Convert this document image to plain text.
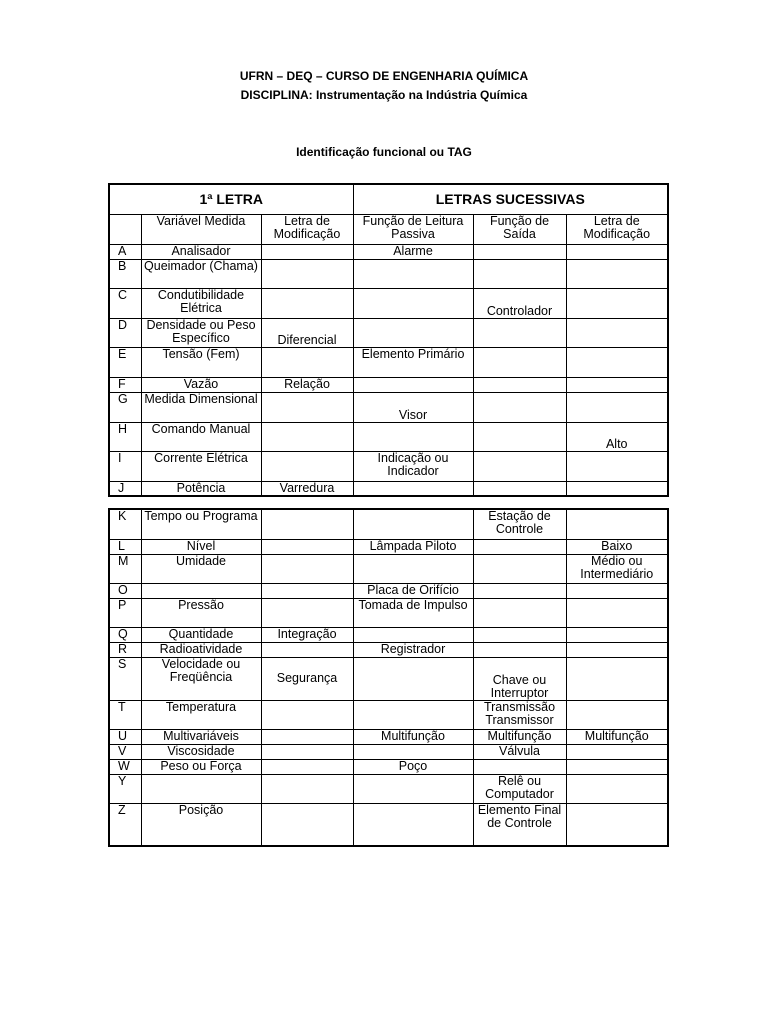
UFRN – DEQ – CURSO DE ENGENHARIA QUÍMICA
DISCIPLINA: Instrumentação na Indústria Química
Identificação funcional ou TAG
1ª LETRA			LETRAS SUCESSIVAS		
	Variável Medida	Letra de Modificação	Função de Leitura Passiva	Função de Saída	Letra de Modificação
A	Analisador		Alarme		
B	Queimador (Chama)				
C	Condutibilidade Elétrica			Controlador	
D	Densidade ou Peso Específico	Diferencial			
E	Tensão (Fem)		Elemento Primário		
F	Vazão	Relação			
G	Medida Dimensional		Visor		
H	Comando Manual				Alto
I	Corrente Elétrica		Indicação ou Indicador		
J	Potência	Varredura			
K	Tempo ou Programa			Estação de Controle	
L	Nível		Lâmpada Piloto		Baixo
M	Umidade				Médio ou Intermediário
O			Placa de Orifício		
P	Pressão		Tomada de Impulso		
Q	Quantidade	Integração			
R	Radioatividade		Registrador		
S	Velocidade ou Freqüência	Segurança		Chave ou Interruptor	
T	Temperatura			Transmissão Transmissor	
U	Multivariáveis		Multifunção	Multifunção	Multifunção
V	Viscosidade			Válvula	
W	Peso ou Força		Poço		
Y				Relê ou Computador	
Z	Posição			Elemento Final de Controle	
